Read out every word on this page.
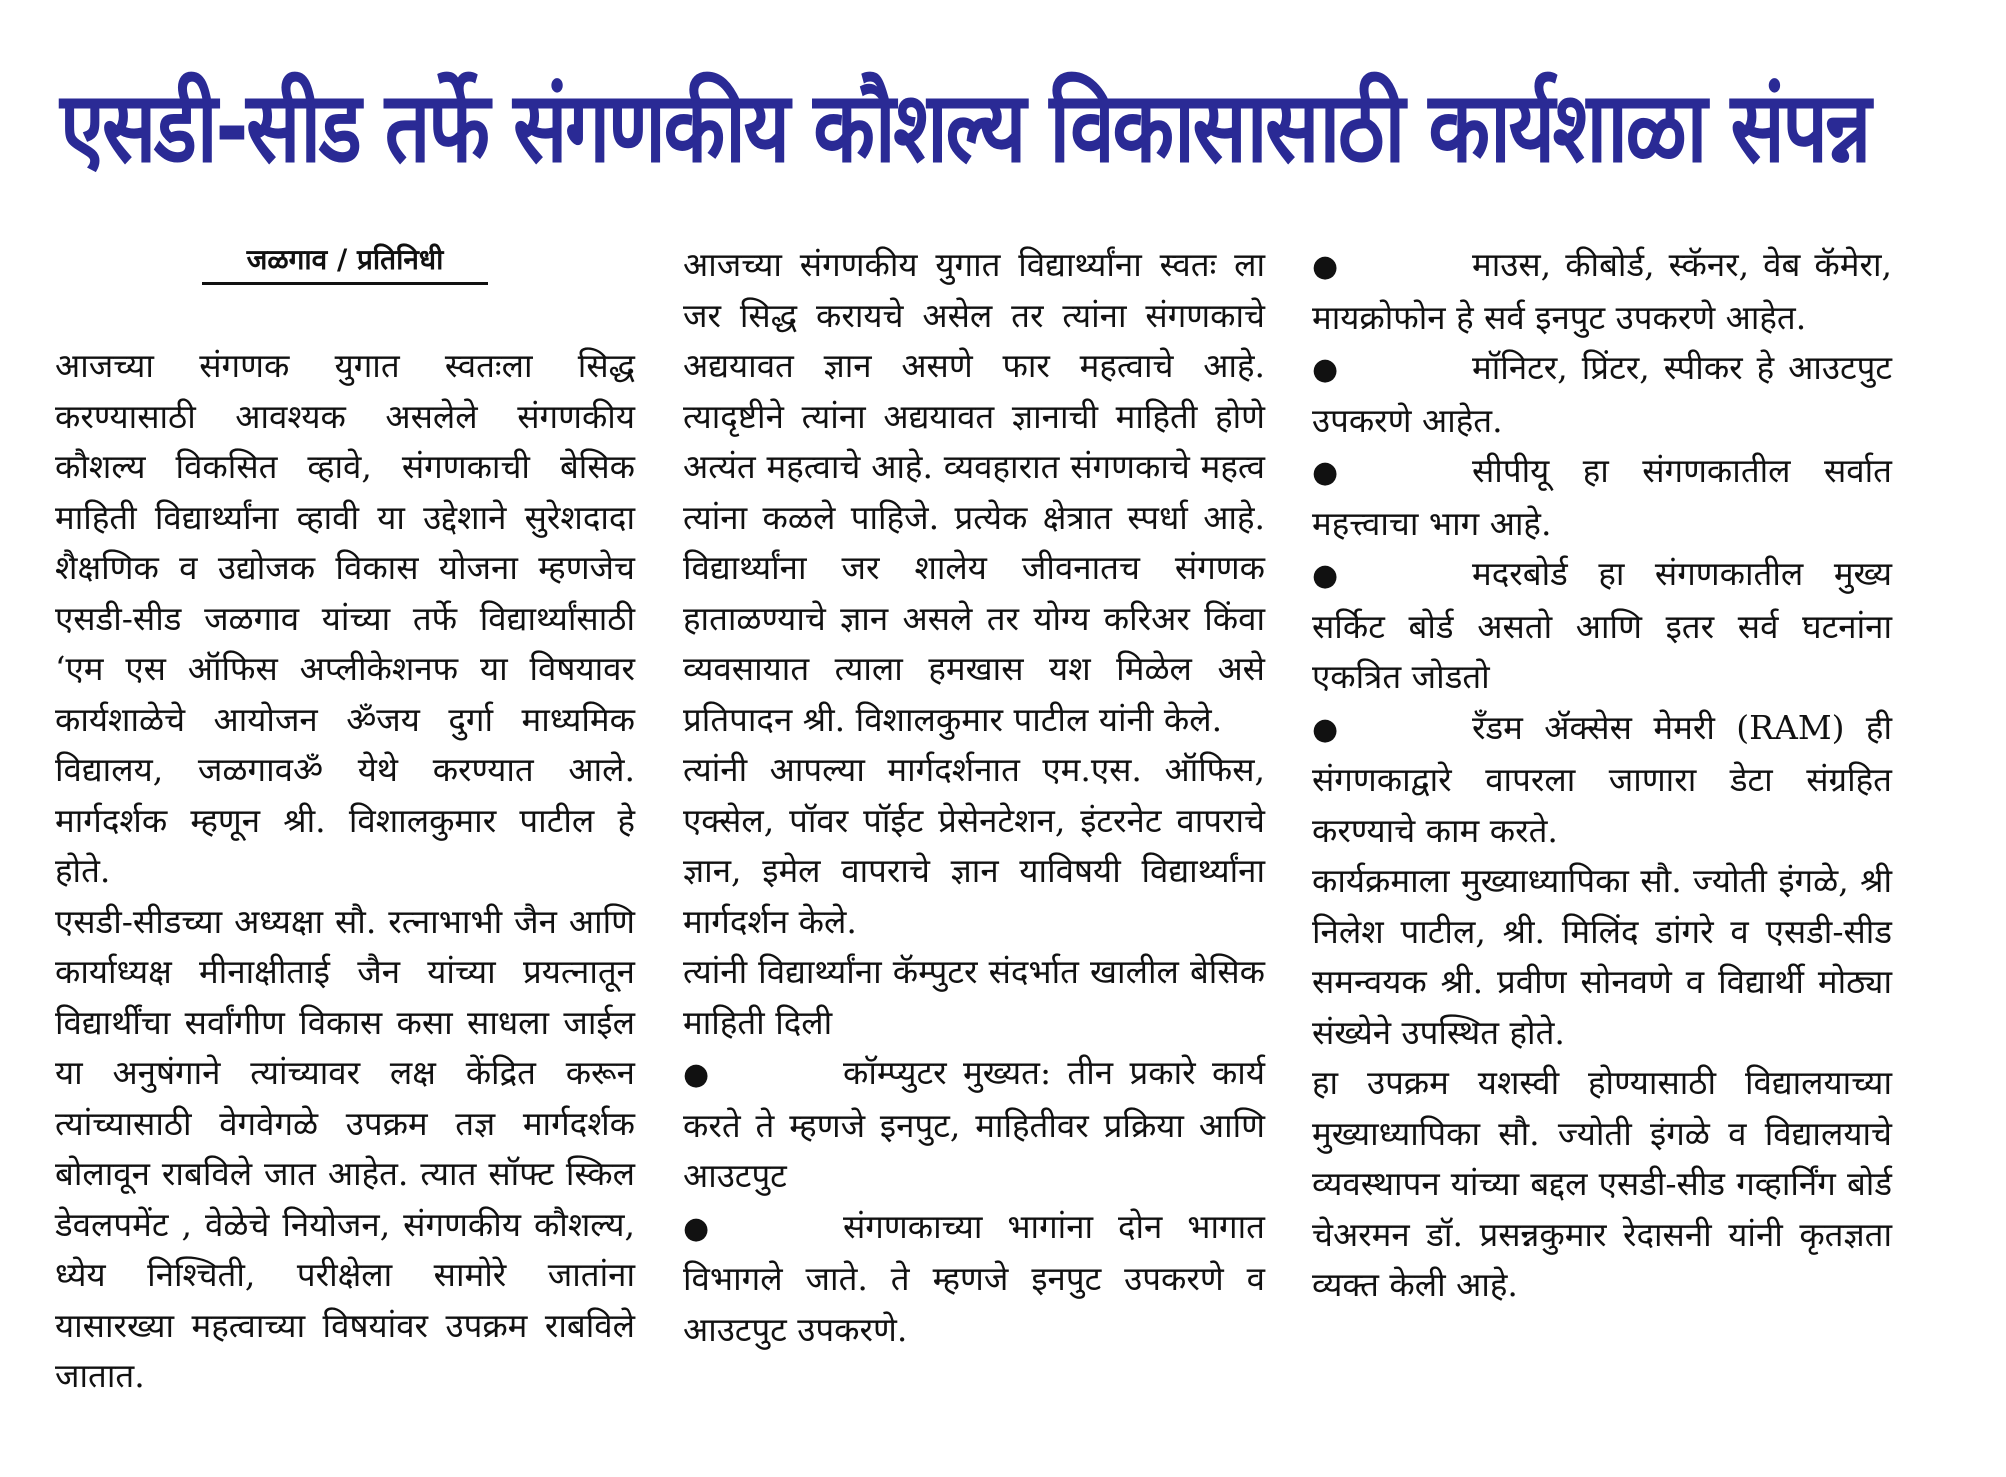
एसडी-सीड तर्फे संगणकीय कौशल्य विकासासाठी कार्यशाळा संपन्न
जळगाव / प्रतिनिधी

आजच्या संगणक युगात स्वतःला सिद्ध करण्यासाठी आवश्यक असलेले संगणकीय कौशल्य विकसित व्हावे, संगणकाची बेसिक माहिती विद्यार्थ्यांना व्हावी या उद्देशाने सुरेशदादा शैक्षणिक व उद्योजक विकास योजना म्हणजेच एसडी-सीड जळगाव यांच्या तर्फे विद्यार्थ्यांसाठी ‘एम एस ऑफिस अप्लीकेशनफ या विषयावर कार्यशाळेचे आयोजन ॐजय दुर्गा माध्यमिक विद्यालय, जळगावॐ येथे करण्यात आले. मार्गदर्शक म्हणून श्री. विशालकुमार पाटील हे होते.

एसडी-सीडच्या अध्यक्षा सौ. रत्नाभाभी जैन आणि कार्याध्यक्ष मीनाक्षीताई जैन यांच्या प्रयत्नातून विद्यार्थींचा सर्वांगीण विकास कसा साधला जाईल या अनुषंगाने त्यांच्यावर लक्ष केंद्रित करून त्यांच्यासाठी वेगवेगळे उपक्रम तज्ञ मार्गदर्शक बोलावून राबविले जात आहेत. त्यात सॉफ्ट स्किल डेवलपमेंट , वेळेचे नियोजन, संगणकीय कौशल्य, ध्येय निश्चिती, परीक्षेला सामोरे जातांना यासारख्या महत्वाच्या विषयांवर उपक्रम राबविले जातात.

आजच्या संगणकीय युगात विद्यार्थ्यांना स्वतः ला जर सिद्ध करायचे असेल तर त्यांना संगणकाचे अद्ययावत ज्ञान असणे फार महत्वाचे आहे. त्यादृष्टीने त्यांना अद्ययावत ज्ञानाची माहिती होणे अत्यंत महत्वाचे आहे. व्यवहारात संगणकाचे महत्व त्यांना कळले पाहिजे. प्रत्येक क्षेत्रात स्पर्धा आहे. विद्यार्थ्यांना जर शालेय जीवनातच संगणक हाताळण्याचे ज्ञान असले तर योग्य करिअर किंवा व्यवसायात त्याला हमखास यश मिळेल असे प्रतिपादन श्री. विशालकुमार पाटील यांनी केले.

त्यांनी आपल्या मार्गदर्शनात एम.एस. ऑफिस, एक्सेल, पॉवर पॉईट प्रेसेनटेशन, इंटरनेट वापराचे ज्ञान, इमेल वापराचे ज्ञान याविषयी विद्यार्थ्यांना मार्गदर्शन केले.

त्यांनी विद्यार्थ्यांना कॅम्पुटर संदर्भात खालील बेसिक माहिती दिली

●	कॉम्प्युटर मुख्यत: तीन प्रकारे कार्य करते ते म्हणजे इनपुट, माहितीवर प्रक्रिया आणि आउटपुट

●	संगणकाच्या भागांना दोन भागात विभागले जाते. ते म्हणजे इनपुट उपकरणे व आउटपुट उपकरणे.

●	माउस, कीबोर्ड, स्कॅनर, वेब कॅमेरा, मायक्रोफोन हे सर्व इनपुट उपकरणे आहेत.

●	मॉनिटर, प्रिंटर, स्पीकर हे आउटपुट उपकरणे आहेत.

●	सीपीयू हा संगणकातील सर्वात महत्त्वाचा भाग आहे.

●	मदरबोर्ड हा संगणकातील मुख्य सर्किट बोर्ड असतो आणि इतर सर्व घटनांना एकत्रित जोडतो

●	रँडम ॲक्सेस मेमरी (RAM) ही संगणकाद्वारे वापरला जाणारा डेटा संग्रहित करण्याचे काम करते.

कार्यक्रमाला मुख्याध्यापिका सौ. ज्योती इंगळे, श्री निलेश पाटील, श्री. मिलिंद डांगरे व एसडी-सीड समन्वयक श्री. प्रवीण सोनवणे व विद्यार्थी मोठ्या संख्येने उपस्थित होते.

हा उपक्रम यशस्वी होण्यासाठी विद्यालयाच्या मुख्याध्यापिका सौ. ज्योती इंगळे व विद्यालयाचे व्यवस्थापन यांच्या बद्दल एसडी-सीड गव्हार्निंग बोर्ड चेअरमन डॉ. प्रसन्नकुमार रेदासनी यांनी कृतज्ञता व्यक्त केली आहे.
